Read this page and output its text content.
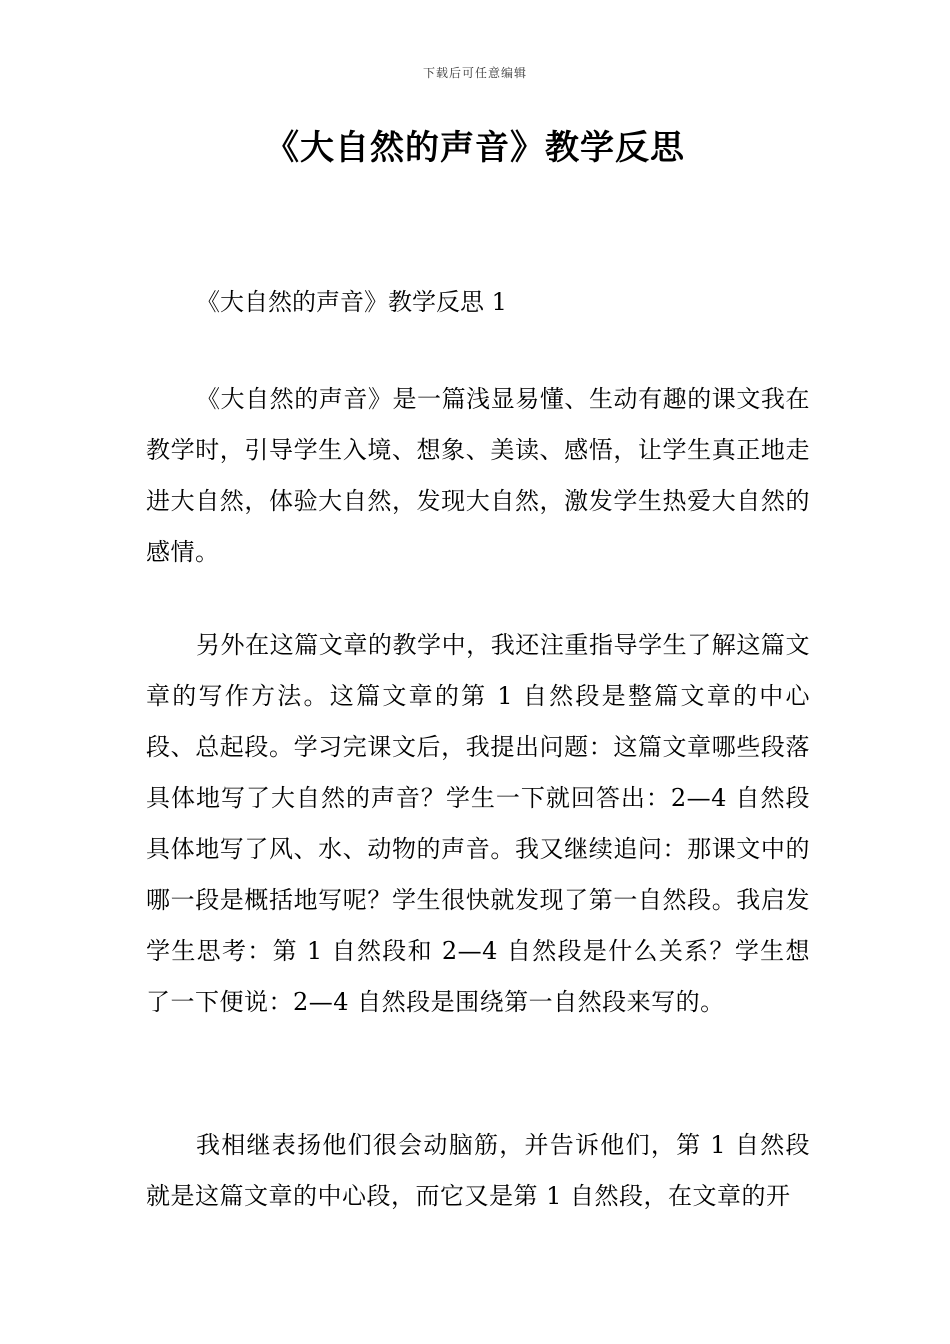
下载后可任意编辑
《大自然的声音》教学反思
《大自然的声音》教学反思 1
《大自然的声音》是一篇浅显易懂、生动有趣的课文我在教学时，引导学生入境、想象、美读、感悟，让学生真正地走进大自然，体验大自然，发现大自然，激发学生热爱大自然的感情。
另外在这篇文章的教学中，我还注重指导学生了解这篇文章的写作方法。这篇文章的第 1 自然段是整篇文章的中心段、总起段。学习完课文后，我提出问题：这篇文章哪些段落具体地写了大自然的声音？学生一下就回答出：2—4 自然段具体地写了风、水、动物的声音。我又继续追问：那课文中的哪一段是概括地写呢？学生很快就发现了第一自然段。我启发学生思考：第 1 自然段和 2—4 自然段是什么关系？学生想了一下便说：2—4 自然段是围绕第一自然段来写的。
我相继表扬他们很会动脑筋，并告诉他们，第 1 自然段就是这篇文章的中心段，而它又是第 1 自然段，在文章的开
